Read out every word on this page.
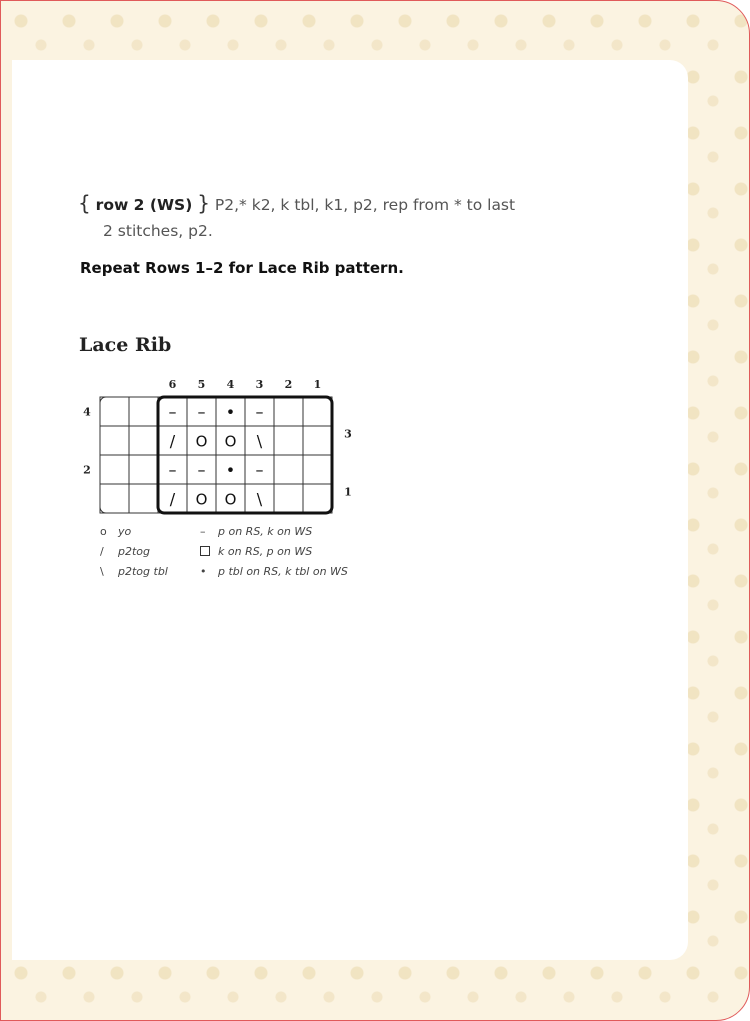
{ row 2 (WS) } P2,* k2, k tbl, k1, p2, rep from * to last
2 stitches, p2.
Repeat Rows 1–2 for Lace Rib pattern.
Lace Rib
6 5 4 3 2 1
– – • –
/ O O \
– – • –
/ O O \
4
2
3
1
o yo
/ p2tog
\ p2tog tbl
– p on RS, k on WS
k on RS, p on WS
• p tbl on RS, k tbl on WS
